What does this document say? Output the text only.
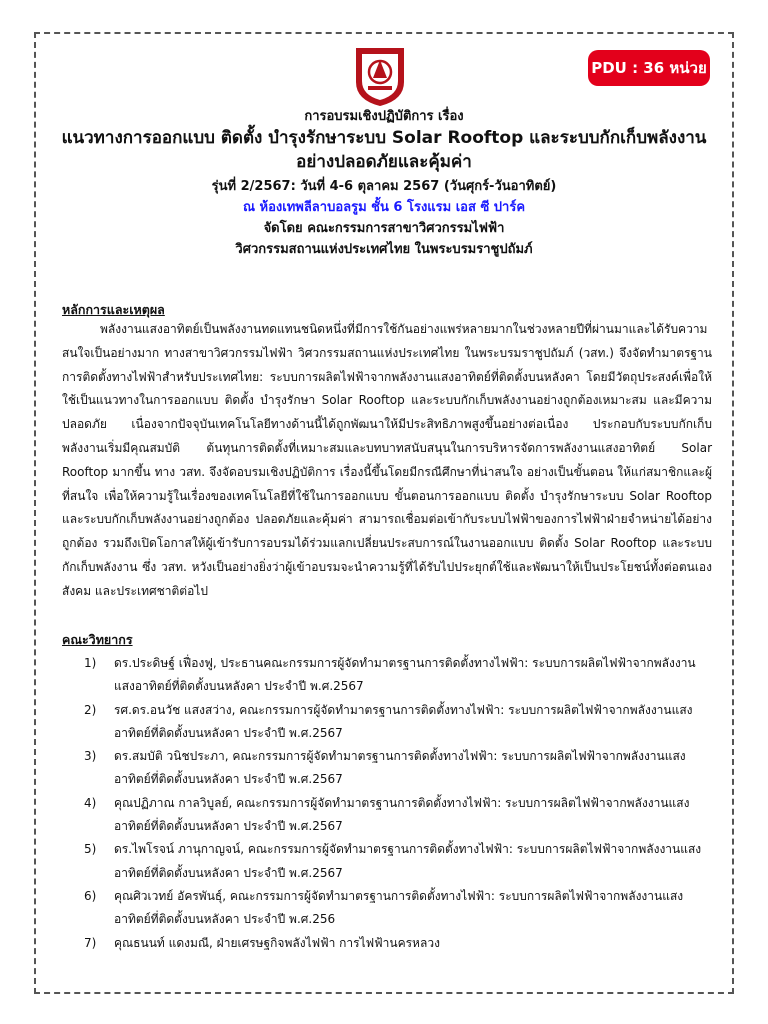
PDU : 36 หน่วย
การอบรมเชิงปฏิบัติการ เรื่อง
แนวทางการออกแบบ ติดตั้ง บำรุงรักษาระบบ Solar Rooftop และระบบกักเก็บพลังงาน
อย่างปลอดภัยและคุ้มค่า
รุ่นที่ 2/2567: วันที่ 4-6 ตุลาคม 2567 (วันศุกร์-วันอาทิตย์)
ณ ห้องเทพลีลาบอลรูม ชั้น 6 โรงแรม เอส ซี ปาร์ค
จัดโดย คณะกรรมการสาขาวิศวกรรมไฟฟ้า
วิศวกรรมสถานแห่งประเทศไทย ในพระบรมราชูปถัมภ์
หลักการและเหตุผล
พลังงานแสงอาทิตย์เป็นพลังงานทดแทนชนิดหนึ่งที่มีการใช้กันอย่างแพร่หลายมากในช่วงหลายปีที่ผ่านมาและได้รับความสนใจเป็นอย่างมาก ทางสาขาวิศวกรรมไฟฟ้า วิศวกรรมสถานแห่งประเทศไทย ในพระบรมราชูปถัมภ์ (วสท.) จึงจัดทำมาตรฐานการติดตั้งทางไฟฟ้าสำหรับประเทศไทย: ระบบการผลิตไฟฟ้าจากพลังงานแสงอาทิตย์ที่ติดตั้งบนหลังคา โดยมีวัตถุประสงค์เพื่อให้ใช้เป็นแนวทางในการออกแบบ ติดตั้ง บำรุงรักษา Solar Rooftop และระบบกักเก็บพลังงานอย่างถูกต้องเหมาะสม และมีความปลอดภัย เนื่องจากปัจจุบันเทคโนโลยีทางด้านนี้ได้ถูกพัฒนาให้มีประสิทธิภาพสูงขึ้นอย่างต่อเนื่อง ประกอบกับระบบกักเก็บพลังงานเริ่มมีคุณสมบัติ ต้นทุนการติดตั้งที่เหมาะสมและบทบาทสนับสนุนในการบริหารจัดการพลังงานแสงอาทิตย์ Solar Rooftop มากขึ้น ทาง วสท. จึงจัดอบรมเชิงปฏิบัติการ เรื่องนี้ขึ้นโดยมีกรณีศึกษาที่น่าสนใจ อย่างเป็นขั้นตอน ให้แก่สมาชิกและผู้ที่สนใจ เพื่อให้ความรู้ในเรื่องของเทคโนโลยีที่ใช้ในการออกแบบ ขั้นตอนการออกแบบ ติดตั้ง บำรุงรักษาระบบ Solar Rooftop และระบบกักเก็บพลังงานอย่างถูกต้อง ปลอดภัยและคุ้มค่า สามารถเชื่อมต่อเข้ากับระบบไฟฟ้าของการไฟฟ้าฝ่ายจำหน่ายได้อย่างถูกต้อง รวมถึงเปิดโอกาสให้ผู้เข้ารับการอบรมได้ร่วมแลกเปลี่ยนประสบการณ์ในงานออกแบบ ติดตั้ง Solar Rooftop และระบบกักเก็บพลังงาน ซึ่ง วสท. หวังเป็นอย่างยิ่งว่าผู้เข้าอบรมจะนำความรู้ที่ได้รับไปประยุกต์ใช้และพัฒนาให้เป็นประโยชน์ทั้งต่อตนเอง สังคม และประเทศชาติต่อไป
คณะวิทยากร
1) ดร.ประดิษฐ์ เฟื่องฟู, ประธานคณะกรรมการผู้จัดทำมาตรฐานการติดตั้งทางไฟฟ้า: ระบบการผลิตไฟฟ้าจากพลังงานแสงอาทิตย์ที่ติดตั้งบนหลังคา ประจำปี พ.ศ.2567
2) รศ.ดร.อนวัช แสงสว่าง, คณะกรรมการผู้จัดทำมาตรฐานการติดตั้งทางไฟฟ้า: ระบบการผลิตไฟฟ้าจากพลังงานแสงอาทิตย์ที่ติดตั้งบนหลังคา ประจำปี พ.ศ.2567
3) ดร.สมบัติ วนิชประภา, คณะกรรมการผู้จัดทำมาตรฐานการติดตั้งทางไฟฟ้า: ระบบการผลิตไฟฟ้าจากพลังงานแสงอาทิตย์ที่ติดตั้งบนหลังคา ประจำปี พ.ศ.2567
4) คุณปฏิภาณ กาลวิบูลย์, คณะกรรมการผู้จัดทำมาตรฐานการติดตั้งทางไฟฟ้า: ระบบการผลิตไฟฟ้าจากพลังงานแสงอาทิตย์ที่ติดตั้งบนหลังคา ประจำปี พ.ศ.2567
5) ดร.ไพโรจน์ ภานุกาญจน์, คณะกรรมการผู้จัดทำมาตรฐานการติดตั้งทางไฟฟ้า: ระบบการผลิตไฟฟ้าจากพลังงานแสงอาทิตย์ที่ติดตั้งบนหลังคา ประจำปี พ.ศ.2567
6) คุณศิวเวทย์ อัครพันธุ์, คณะกรรมการผู้จัดทำมาตรฐานการติดตั้งทางไฟฟ้า: ระบบการผลิตไฟฟ้าจากพลังงานแสงอาทิตย์ที่ติดตั้งบนหลังคา ประจำปี พ.ศ.256
7) คุณธนนท์ แดงมณี, ฝ่ายเศรษฐกิจพลังไฟฟ้า การไฟฟ้านครหลวง
